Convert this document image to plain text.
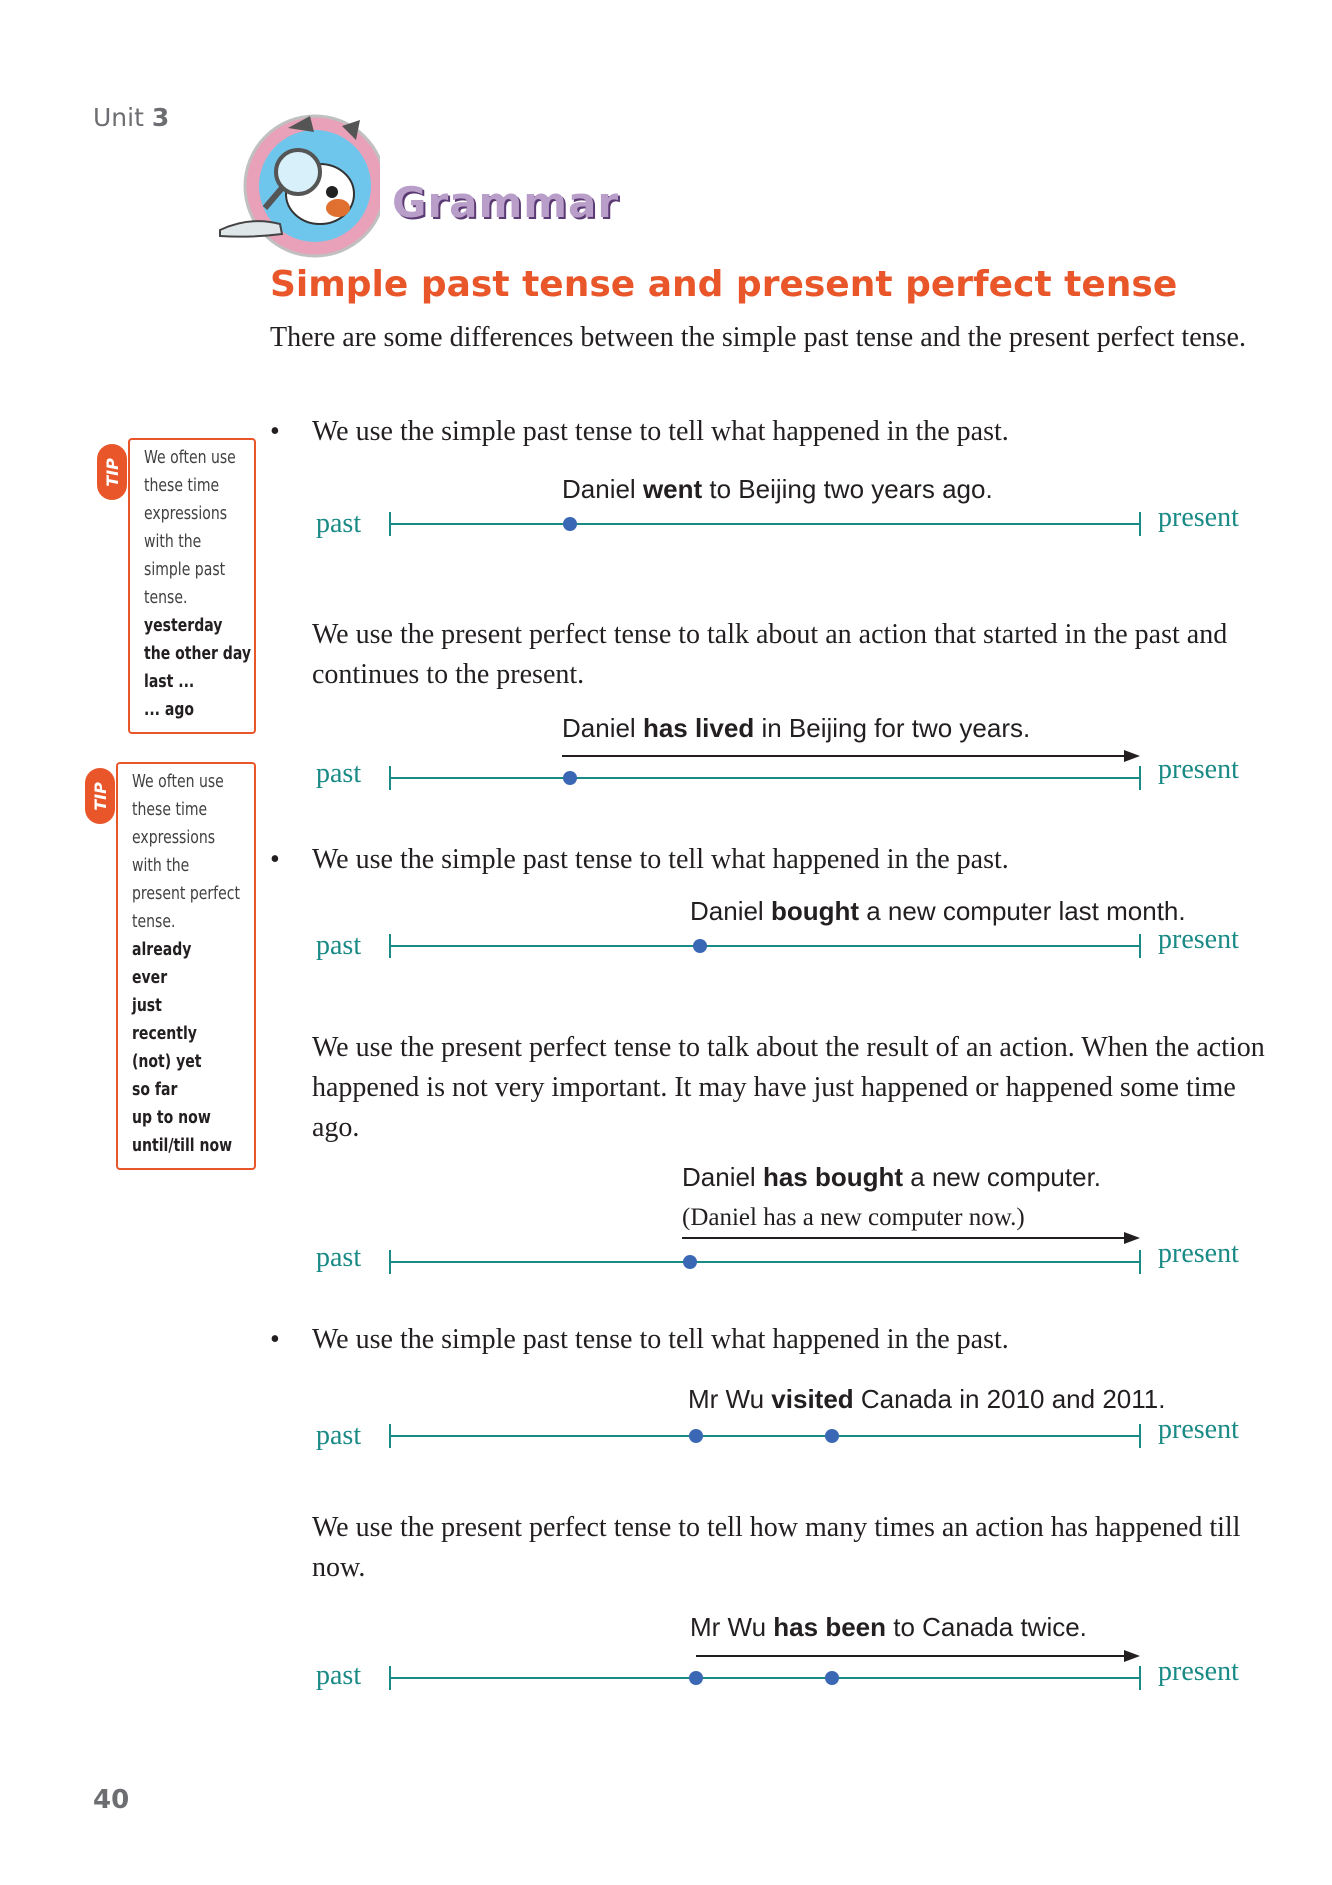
Unit 3
Grammar
Simple past tense and present perfect tense
There are some differences between the simple past tense and the present perfect tense.
We often use
these time
expressions
with the
simple past
tense.
yesterday
the other day
last ...
... ago
TIP
We often use
these time
expressions
with the
present perfect
tense.
already
ever
just
recently
(not) yet
so far
up to now
until/till now
TIP
• We use the simple past tense to tell what happened in the past.
Daniel went to Beijing two years ago.
past	present
We use the present perfect tense to talk about an action that started in the past and continues to the present.
Daniel has lived in Beijing for two years.
past	present
• We use the simple past tense to tell what happened in the past.
Daniel bought a new computer last month.
past	present
We use the present perfect tense to talk about the result of an action. When the action happened is not very important. It may have just happened or happened some time ago.
Daniel has bought a new computer.
(Daniel has a new computer now.)
past	present
• We use the simple past tense to tell what happened in the past.
Mr Wu visited Canada in 2010 and 2011.
past	present
We use the present perfect tense to tell how many times an action has happened till now.
Mr Wu has been to Canada twice.
past	present
40
